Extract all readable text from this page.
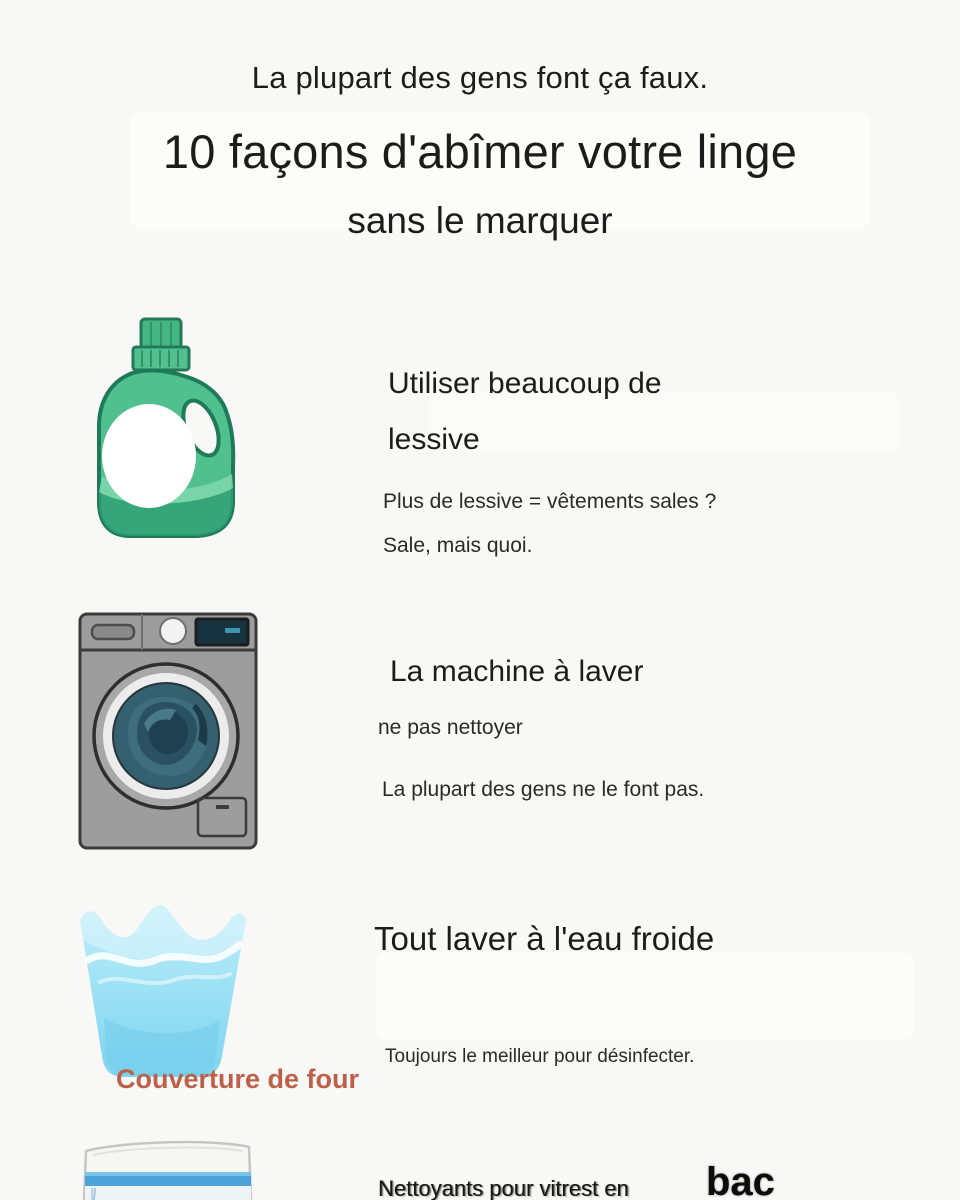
La plupart des gens font ça faux.
10 façons d'abîmer votre linge
sans le marquer
Utiliser beaucoup de lessive
Plus de lessive = vêtements sales ?
Sale, mais quoi.
La machine à laver
ne pas nettoyer
La plupart des gens ne le font pas.
Tout laver à l'eau froide
Toujours le meilleur pour désinfecter.
Couverture de four
Nettoyants pour vitrest en bac
